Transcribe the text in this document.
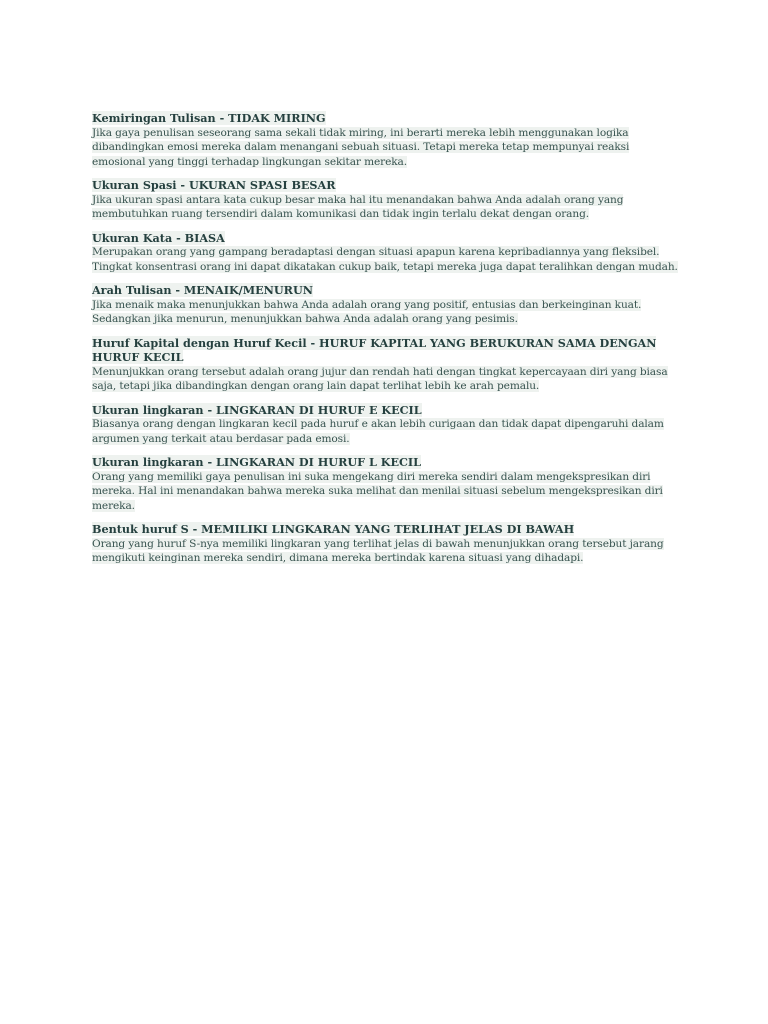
Kemiringan Tulisan - TIDAK MIRING

Jika gaya penulisan seseorang sama sekali tidak miring, ini berarti mereka lebih menggunakan logika dibandingkan emosi mereka dalam menangani sebuah situasi. Tetapi mereka tetap mempunyai reaksi emosional yang tinggi terhadap lingkungan sekitar mereka.

Ukuran Spasi - UKURAN SPASI BESAR

Jika ukuran spasi antara kata cukup besar maka hal itu menandakan bahwa Anda adalah orang yang membutuhkan ruang tersendiri dalam komunikasi dan tidak ingin terlalu dekat dengan orang.

Ukuran Kata - BIASA

Merupakan orang yang gampang beradaptasi dengan situasi apapun karena kepribadiannya yang fleksibel. Tingkat konsentrasi orang ini dapat dikatakan cukup baik, tetapi mereka juga dapat teralihkan dengan mudah.

Arah Tulisan - MENAIK/MENURUN

Jika menaik maka menunjukkan bahwa Anda adalah orang yang positif, entusias dan berkeinginan kuat. Sedangkan jika menurun, menunjukkan bahwa Anda adalah orang yang pesimis.

Huruf Kapital dengan Huruf Kecil - HURUF KAPITAL YANG BERUKURAN SAMA DENGAN HURUF KECIL

Menunjukkan orang tersebut adalah orang jujur dan rendah hati dengan tingkat kepercayaan diri yang biasa saja, tetapi jika dibandingkan dengan orang lain dapat terlihat lebih ke arah pemalu.

Ukuran lingkaran - LINGKARAN DI HURUF E KECIL

Biasanya orang dengan lingkaran kecil pada huruf e akan lebih curigaan dan tidak dapat dipengaruhi dalam argumen yang terkait atau berdasar pada emosi.

Ukuran lingkaran - LINGKARAN DI HURUF L KECIL

Orang yang memiliki gaya penulisan ini suka mengekang diri mereka sendiri dalam mengekspresikan diri mereka. Hal ini menandakan bahwa mereka suka melihat dan menilai situasi sebelum mengekspresikan diri mereka.

Bentuk huruf S - MEMILIKI LINGKARAN YANG TERLIHAT JELAS DI BAWAH

Orang yang huruf S-nya memiliki lingkaran yang terlihat jelas di bawah menunjukkan orang tersebut jarang mengikuti keinginan mereka sendiri, dimana mereka bertindak karena situasi yang dihadapi.
